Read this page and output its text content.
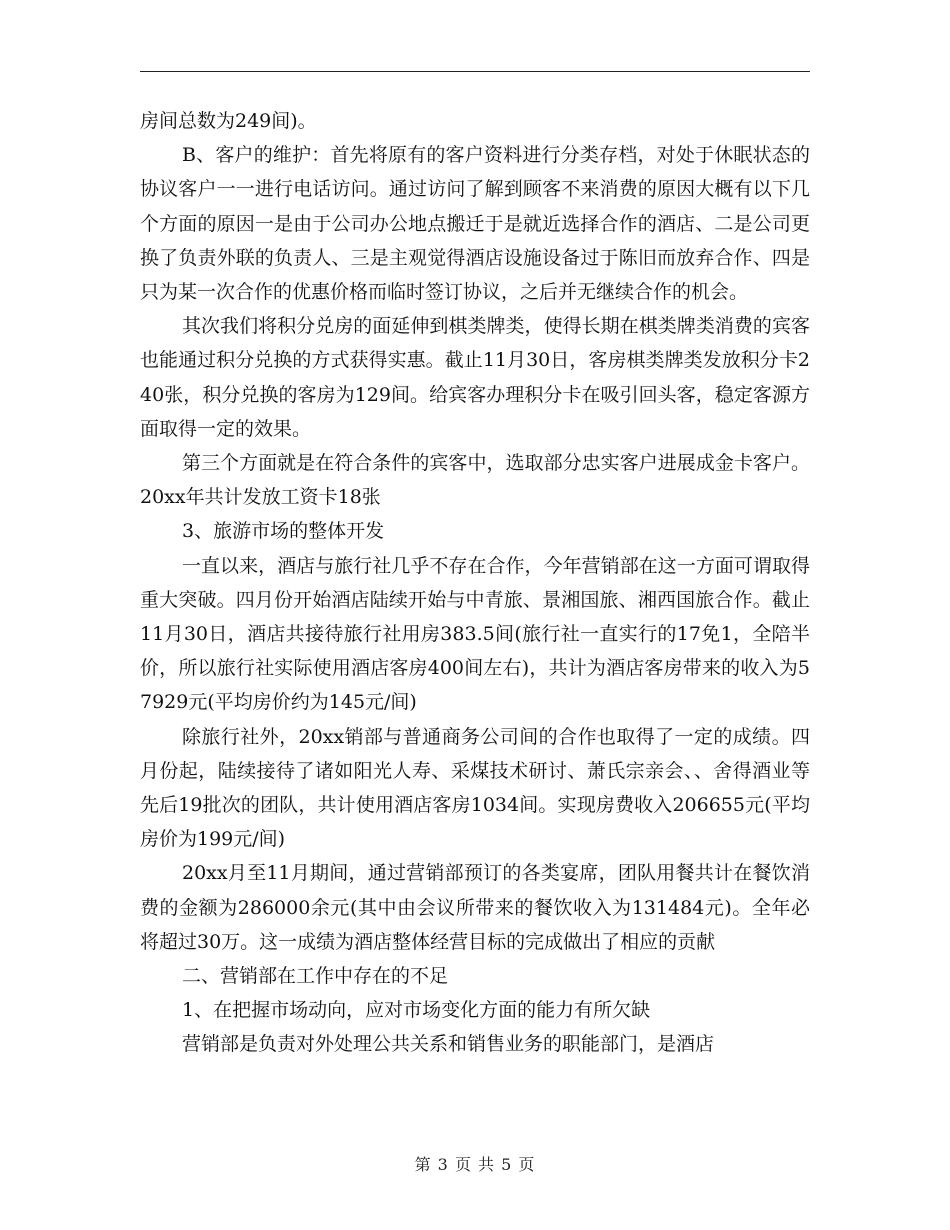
房间总数为249间)。

B、客户的维护：首先将原有的客户资料进行分类存档，对处于休眠状态的协议客户一一进行电话访问。通过访问了解到顾客不来消费的原因大概有以下几个方面的原因一是由于公司办公地点搬迁于是就近选择合作的酒店、二是公司更换了负责外联的负责人、三是主观觉得酒店设施设备过于陈旧而放弃合作、四是只为某一次合作的优惠价格而临时签订协议，之后并无继续合作的机会。

其次我们将积分兑房的面延伸到棋类牌类，使得长期在棋类牌类消费的宾客也能通过积分兑换的方式获得实惠。截止11月30日，客房棋类牌类发放积分卡240张，积分兑换的客房为129间。给宾客办理积分卡在吸引回头客，稳定客源方面取得一定的效果。

第三个方面就是在符合条件的宾客中，选取部分忠实客户进展成金卡客户。20xx年共计发放工资卡18张

3、旅游市场的整体开发

一直以来，酒店与旅行社几乎不存在合作，今年营销部在这一方面可谓取得重大突破。四月份开始酒店陆续开始与中青旅、景湘国旅、湘西国旅合作。截止11月30日，酒店共接待旅行社用房383.5间(旅行社一直实行的17免1，全陪半价，所以旅行社实际使用酒店客房400间左右)，共计为酒店客房带来的收入为57929元(平均房价约为145元/间)

除旅行社外，20xx销部与普通商务公司间的合作也取得了一定的成绩。四月份起，陆续接待了诸如阳光人寿、采煤技术研讨、萧氏宗亲会、、舍得酒业等先后19批次的团队，共计使用酒店客房1034间。实现房费收入206655元(平均房价为199元/间)

20xx月至11月期间，通过营销部预订的各类宴席，团队用餐共计在餐饮消费的金额为286000余元(其中由会议所带来的餐饮收入为131484元)。全年必将超过30万。这一成绩为酒店整体经营目标的完成做出了相应的贡献

二、营销部在工作中存在的不足

1、在把握市场动向，应对市场变化方面的能力有所欠缺

营销部是负责对外处理公共关系和销售业务的职能部门，是酒店

第 3 页 共 5 页
